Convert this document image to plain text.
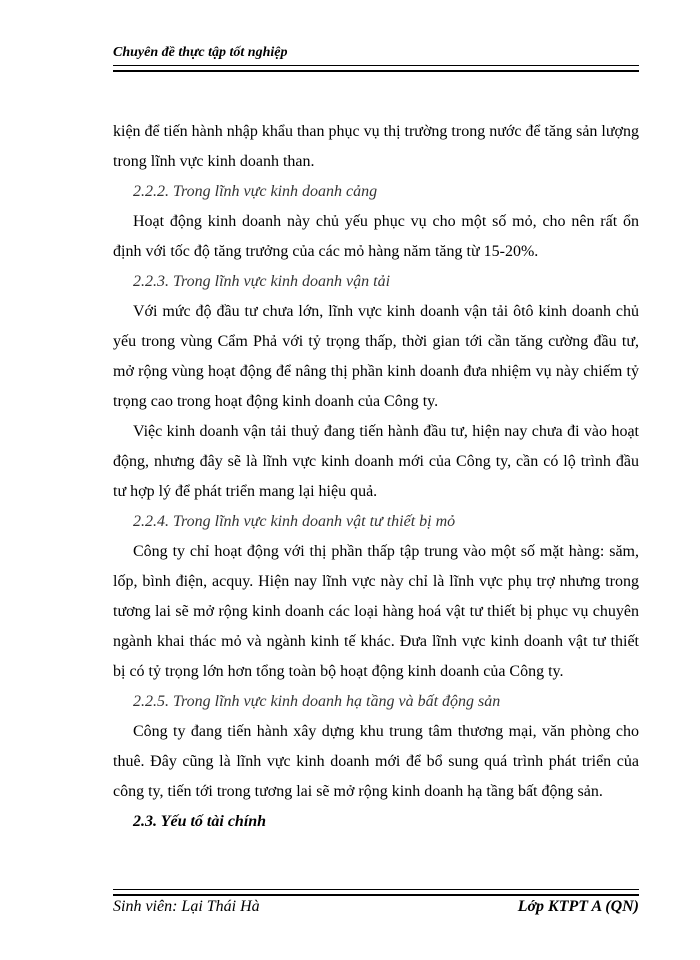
Chuyên đề thực tập tốt nghiệp

kiện để tiến hành nhập khẩu than phục vụ thị trường trong nước để tăng sản lượng trong lĩnh vực kinh doanh than.

2.2.2. Trong lĩnh vực kinh doanh cảng

Hoạt động kinh doanh này chủ yếu phục vụ cho một số mỏ, cho nên rất ổn định với tốc độ tăng trưởng của các mỏ hàng năm tăng từ 15-20%.

2.2.3. Trong lĩnh vực kinh doanh vận tải

Với mức độ đầu tư chưa lớn, lĩnh vực kinh doanh vận tải ôtô kinh doanh chủ yếu trong vùng Cẩm Phả với tỷ trọng thấp, thời gian tới cần tăng cường đầu tư, mở rộng vùng hoạt động để nâng thị phần kinh doanh đưa nhiệm vụ này chiếm tỷ trọng cao trong hoạt động kinh doanh của Công ty.

Việc kinh doanh vận tải thuỷ đang tiến hành đầu tư, hiện nay chưa đi vào hoạt động, nhưng đây sẽ là lĩnh vực kinh doanh mới của Công ty, cần có lộ trình đầu tư hợp lý để phát triển mang lại hiệu quả.

2.2.4. Trong lĩnh vực kinh doanh vật tư thiết bị mỏ

Công ty chỉ hoạt động với thị phần thấp tập trung vào một số mặt hàng: săm, lốp, bình điện, acquy. Hiện nay lĩnh vực này chỉ là lĩnh vực phụ trợ nhưng trong tương lai sẽ mở rộng kinh doanh các loại hàng hoá vật tư thiết bị phục vụ chuyên ngành khai thác mỏ và ngành kinh tế khác. Đưa lĩnh vực kinh doanh vật tư thiết bị có tỷ trọng lớn hơn tổng toàn bộ hoạt động kinh doanh của Công ty.

2.2.5. Trong lĩnh vực kinh doanh hạ tầng và bất động sản

Công ty đang tiến hành xây dựng khu trung tâm thương mại, văn phòng cho thuê. Đây cũng là lĩnh vực kinh doanh mới để bổ sung quá trình phát triển của công ty, tiến tới trong tương lai sẽ mở rộng kinh doanh hạ tầng bất động sản.

2.3. Yếu tố tài chính

Sinh viên: Lại Thái Hà	Lớp KTPT A (QN)
